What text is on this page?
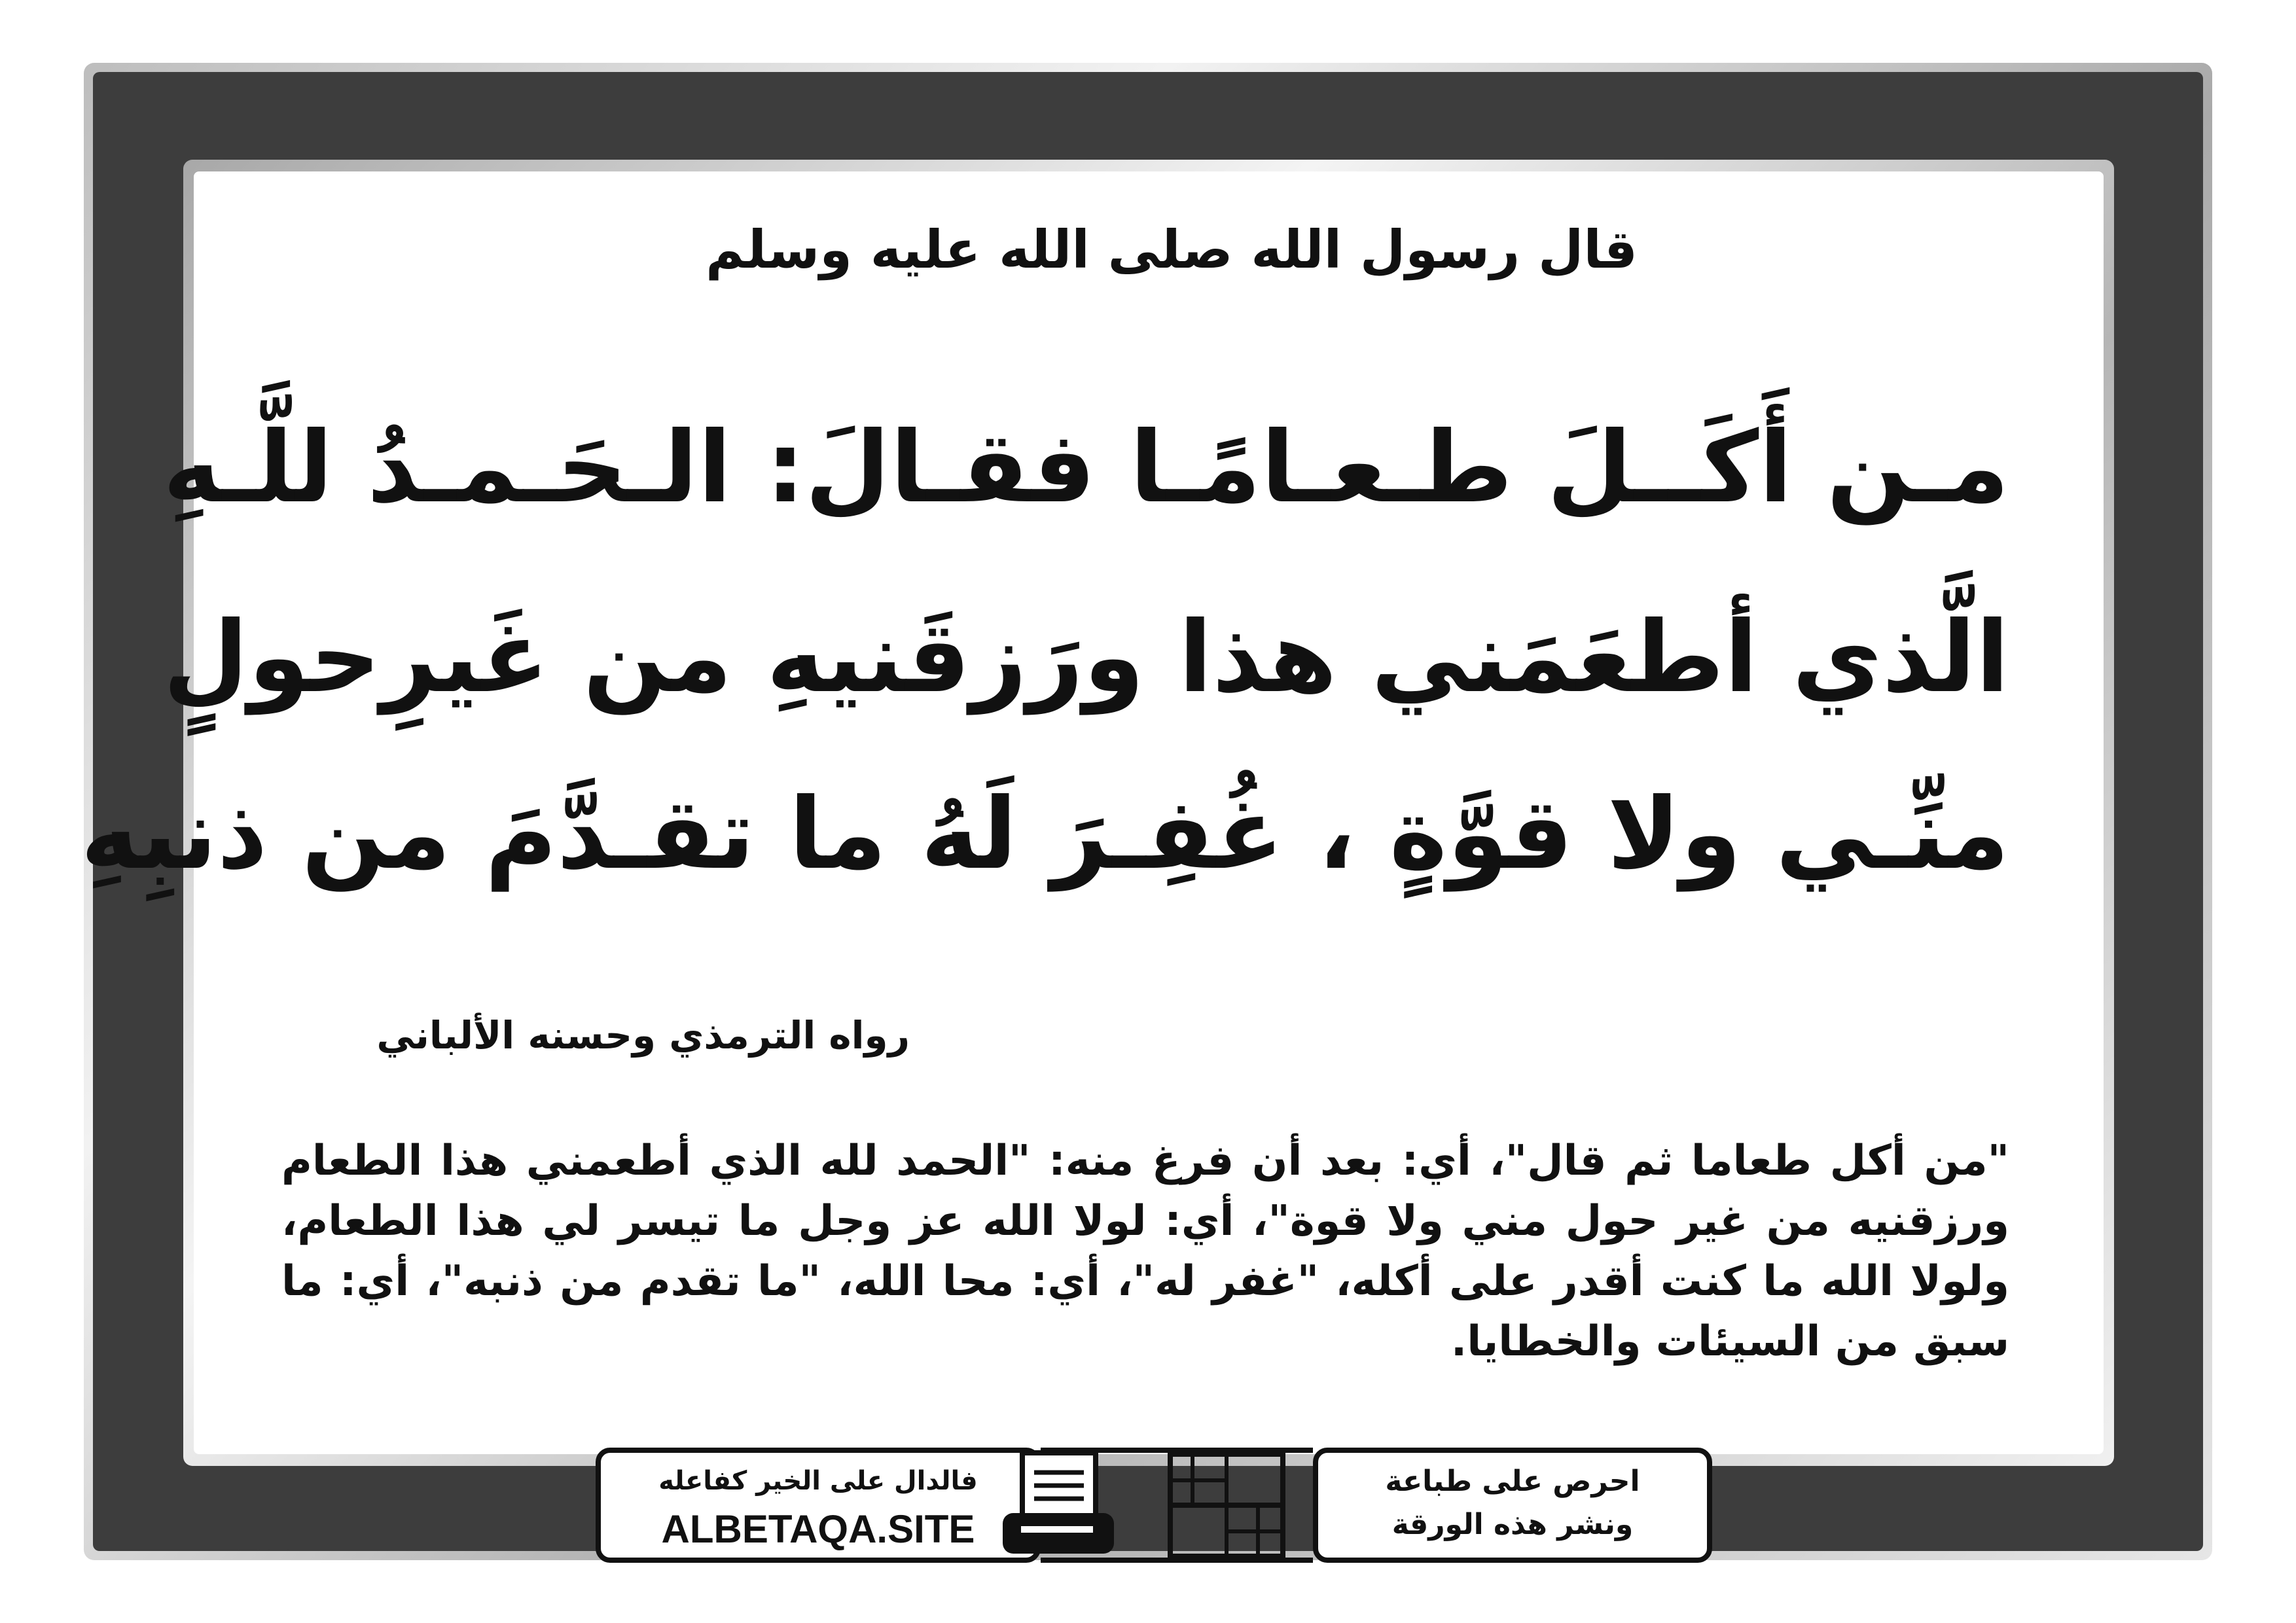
قال رسول الله صلى الله عليه وسلم
مـن أَكَــلَ طـعـامًـا فقـالَ: الـحَـمـدُ للَّـهِ
الَّذي أطعَمَني هذا ورَزقَنيهِ من غَيرِحولٍ
منِّـي ولا قوَّةٍ ، غُفِـرَ لَهُ ما تقـدَّمَ من ذنبِهِ
رواه الترمذي وحسنه الألباني
"من أكل طعاما ثم قال"، أي: بعد أن فرغ منه: "الحمد لله الذي أطعمني هذا الطعام ورزقنيه من غير حول مني ولا قوة"، أي: لولا الله عز وجل ما تيسر لي هذا الطعام، ولولا الله ما كنت أقدر على أكله، "غفر له"، أي: محا الله، "ما تقدم من ذنبه"، أي: ما سبق من السيئات والخطايا.
فالدال على الخير كفاعله
ALBETAQA.SITE
احرص على طباعة
ونشر هذه الورقة
